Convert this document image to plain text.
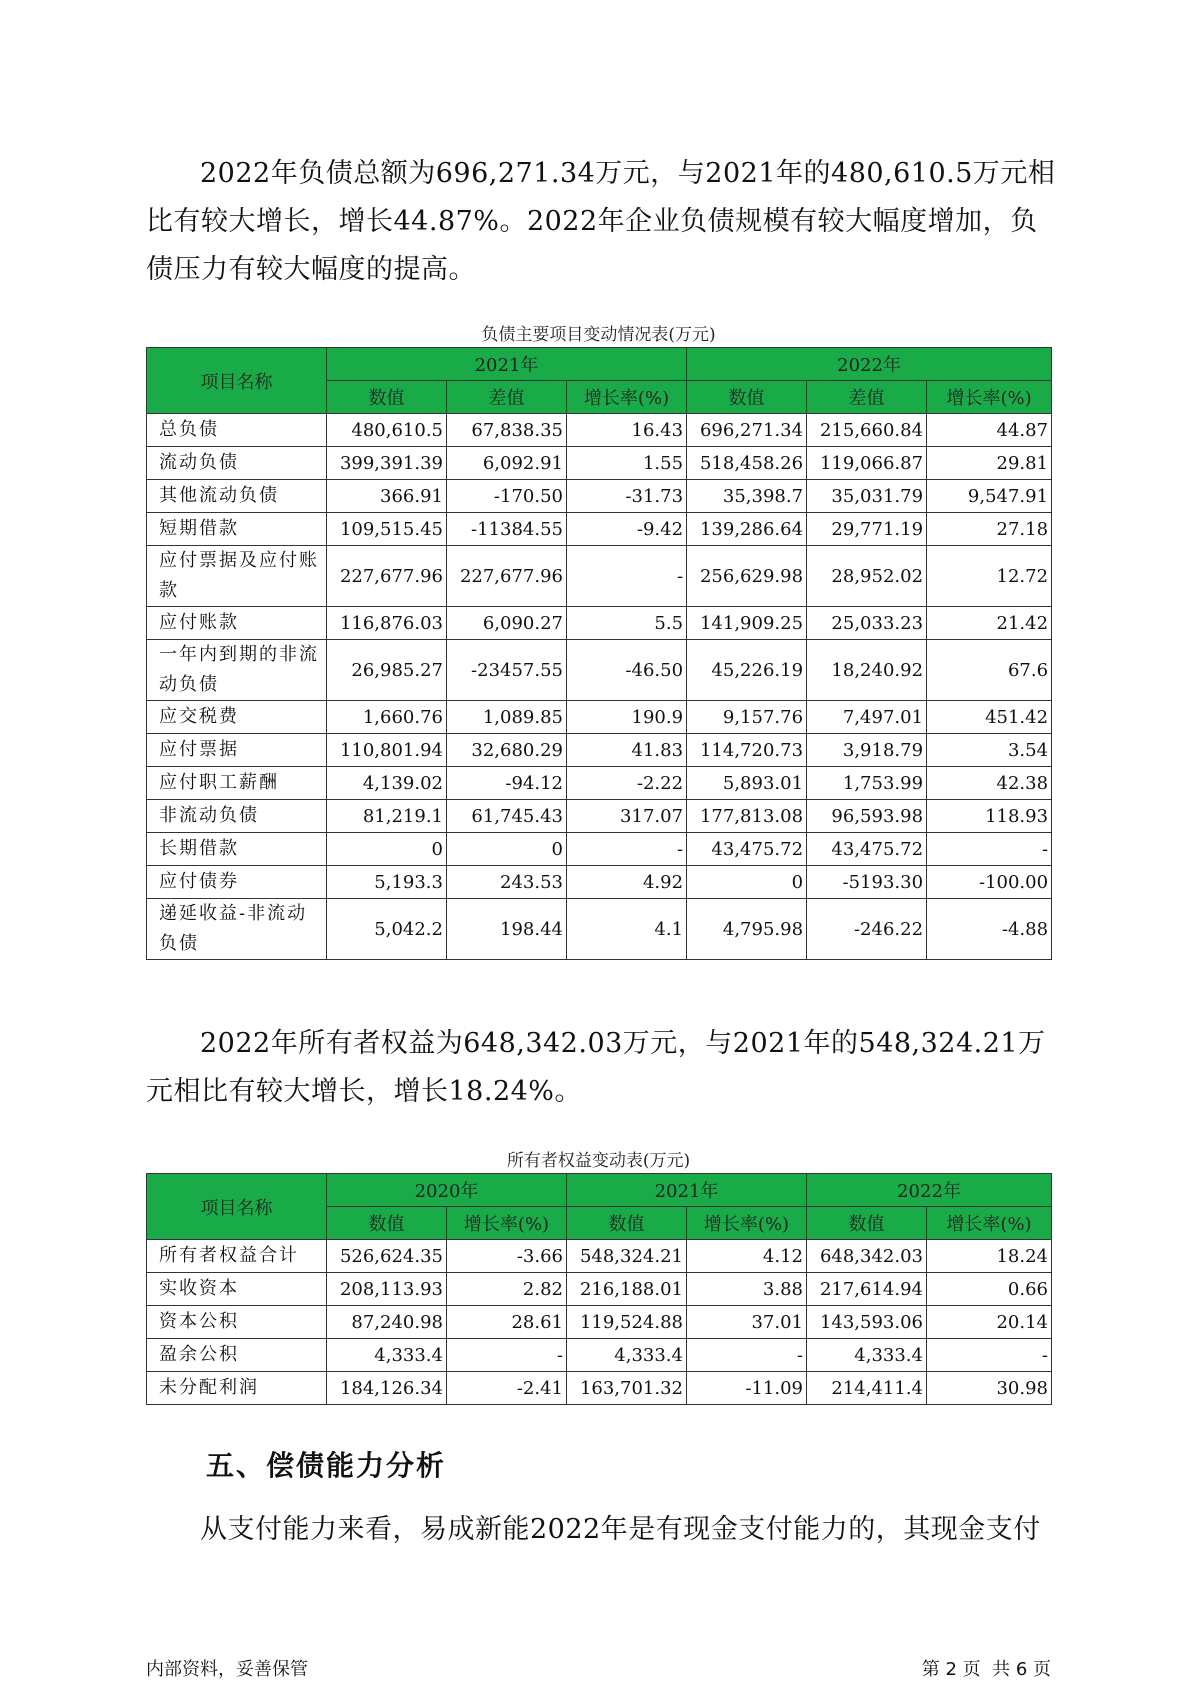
2022年负债总额为696,271.34万元，与2021年的480,610.5万元相比有较大增长，增长44.87%。2022年企业负债规模有较大幅度增加，负债压力有较大幅度的提高。

负债主要项目变动情况表(万元)
项目名称	2021年			2022年		
	数值	差值	增长率(%)	数值	差值	增长率(%)
总负债	480,610.5	67,838.35	16.43	696,271.34	215,660.84	44.87
流动负债	399,391.39	6,092.91	1.55	518,458.26	119,066.87	29.81
其他流动负债	366.91	-170.50	-31.73	35,398.7	35,031.79	9,547.91
短期借款	109,515.45	-11384.55	-9.42	139,286.64	29,771.19	27.18
应付票据及应付账款	227,677.96	227,677.96	-	256,629.98	28,952.02	12.72
应付账款	116,876.03	6,090.27	5.5	141,909.25	25,033.23	21.42
一年内到期的非流动负债	26,985.27	-23457.55	-46.50	45,226.19	18,240.92	67.6
应交税费	1,660.76	1,089.85	190.9	9,157.76	7,497.01	451.42
应付票据	110,801.94	32,680.29	41.83	114,720.73	3,918.79	3.54
应付职工薪酬	4,139.02	-94.12	-2.22	5,893.01	1,753.99	42.38
非流动负债	81,219.1	61,745.43	317.07	177,813.08	96,593.98	118.93
长期借款	0	0	-	43,475.72	43,475.72	-
应付债券	5,193.3	243.53	4.92	0	-5193.30	-100.00
递延收益-非流动负债	5,042.2	198.44	4.1	4,795.98	-246.22	-4.88

2022年所有者权益为648,342.03万元，与2021年的548,324.21万元相比有较大增长，增长18.24%。

所有者权益变动表(万元)
项目名称	2020年		2021年		2022年	
	数值	增长率(%)	数值	增长率(%)	数值	增长率(%)
所有者权益合计	526,624.35	-3.66	548,324.21	4.12	648,342.03	18.24
实收资本	208,113.93	2.82	216,188.01	3.88	217,614.94	0.66
资本公积	87,240.98	28.61	119,524.88	37.01	143,593.06	20.14
盈余公积	4,333.4	-	4,333.4	-	4,333.4	-
未分配利润	184,126.34	-2.41	163,701.32	-11.09	214,411.4	30.98
五、偿债能力分析

从支付能力来看，易成新能2022年是有现金支付能力的，其现金支付

内部资料，妥善保管	第 2 页  共 6 页
